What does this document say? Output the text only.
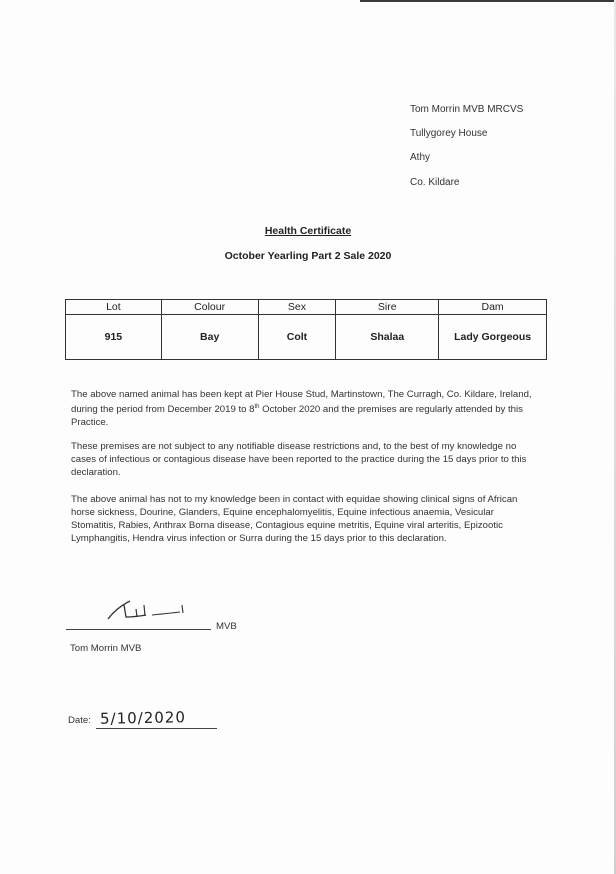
Tom Morrin MVB MRCVS
Tullygorey House
Athy
Co. Kildare
Health Certificate
October Yearling Part 2 Sale 2020
Lot	Colour	Sex	Sire	Dam
915	Bay	Colt	Shalaa	Lady Gorgeous
The above named animal has been kept at Pier House Stud, Martinstown, The Curragh, Co. Kildare, Ireland, during the period from December 2019 to 8th October 2020 and the premises are regularly attended by this Practice.
These premises are not subject to any notifiable disease restrictions and, to the best of my knowledge no cases of infectious or contagious disease have been reported to the practice during the 15 days prior to this declaration.
The above animal has not to my knowledge been in contact with equidae showing clinical signs of African horse sickness, Dourine, Glanders, Equine encephalomyelitis, Equine infectious anaemia, Vesicular Stomatitis, Rabies, Anthrax Borna disease, Contagious equine metritis, Equine viral arteritis, Epizootic Lymphangitis, Hendra virus infection or Surra during the 15 days prior to this declaration.
MVB
Tom Morrin MVB
Date: 5/10/2020
